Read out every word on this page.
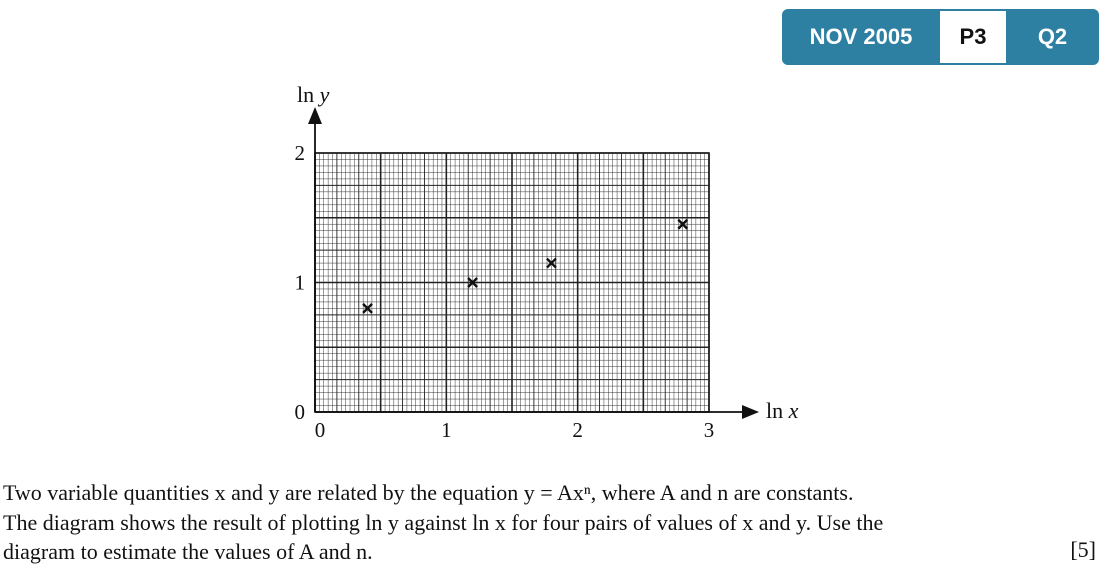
NOV 2005	P3	Q2
0	1	2	3
0
1
2
ln y
ln x
Two variable quantities x and y are related by the equation y = Axⁿ, where A and n are constants.
The diagram shows the result of plotting ln y against ln x for four pairs of values of x and y. Use the
diagram to estimate the values of A and n.	[5]
